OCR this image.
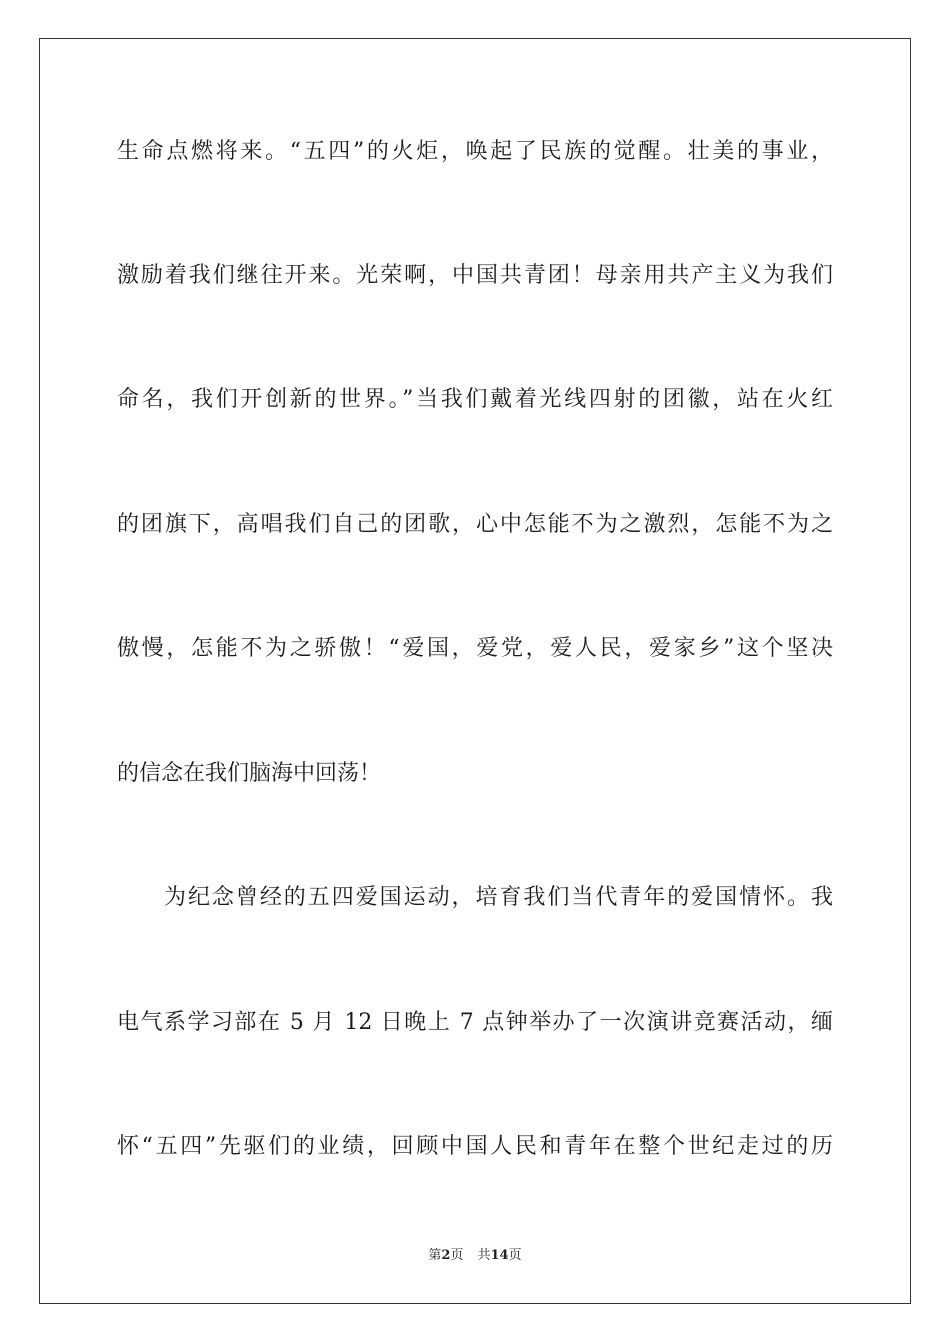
生命点燃将来。“五四”的火炬，唤起了民族的觉醒。壮美的事业，
激励着我们继往开来。光荣啊，中国共青团！母亲用共产主义为我们
命名，我们开创新的世界。”当我们戴着光线四射的团徽，站在火红
的团旗下，高唱我们自己的团歌，心中怎能不为之激烈，怎能不为之
傲慢，怎能不为之骄傲！“爱国，爱党，爱人民，爱家乡”这个坚决
的信念在我们脑海中回荡！
为纪念曾经的五四爱国运动，培育我们当代青年的爱国情怀。我
电气系学习部在 5 月 12 日晚上 7 点钟举办了一次演讲竞赛活动，缅
怀“五四”先驱们的业绩，回顾中国人民和青年在整个世纪走过的历
第2页 共14页
